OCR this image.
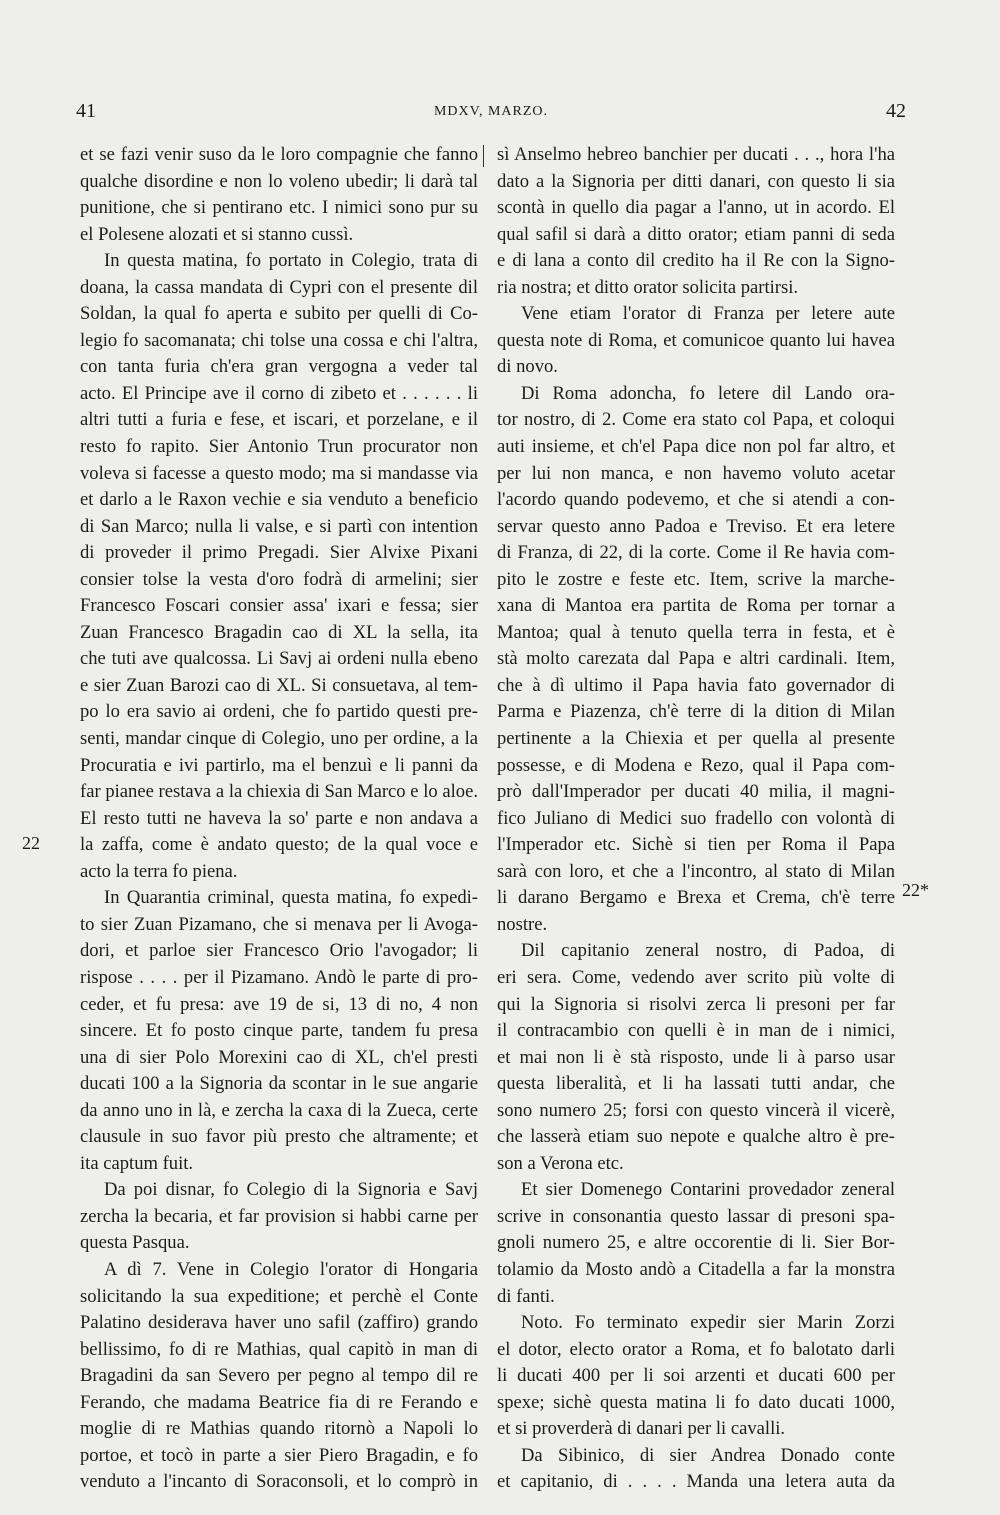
41	MDXV, MARZO.	42
22
22*
et se fazi venir suso da le loro compagnie che fanno
qualche disordine e non lo voleno ubedir; li darà tal
punitione, che si pentirano etc. I nimici sono pur su
el Polesene alozati et si stanno cussì.
In questa matina, fo portato in Colegio, trata di
doana, la cassa mandata di Cypri con el presente dil
Soldan, la qual fo aperta e subito per quelli di Co-
legio fo sacomanata; chi tolse una cossa e chi l'altra,
con tanta furia ch'era gran vergogna a veder tal
acto. El Principe ave il corno di zibeto et . . . . . . li
altri tutti a furia e fese, et iscari, et porzelane, e il
resto fo rapito. Sier Antonio Trun procurator non
voleva si facesse a questo modo; ma si mandasse via
et darlo a le Raxon vechie e sia venduto a beneficio
di San Marco; nulla li valse, e si partì con intention
di proveder il primo Pregadi. Sier Alvixe Pixani
consier tolse la vesta d'oro fodrà di armelini; sier
Francesco Foscari consier assa' ixari e fessa; sier
Zuan Francesco Bragadin cao di XL la sella, ita
che tuti ave qualcossa. Li Savj ai ordeni nulla ebeno
e sier Zuan Barozi cao di XL. Si consuetava, al tem-
po lo era savio ai ordeni, che fo partido questi pre-
senti, mandar cinque di Colegio, uno per ordine, a la
Procuratia e ivi partirlo, ma el benzuì e li panni da
far pianee restava a la chiexia di San Marco e lo aloe.
El resto tutti ne haveva la so' parte e non andava a
la zaffa, come è andato questo; de la qual voce e
acto la terra fo piena.
In Quarantia criminal, questa matina, fo expedi-
to sier Zuan Pizamano, che si menava per li Avoga-
dori, et parloe sier Francesco Orio l'avogador; li
rispose . . . . per il Pizamano. Andò le parte di pro-
ceder, et fu presa: ave 19 de si, 13 di no, 4 non
sincere. Et fo posto cinque parte, tandem fu presa
una di sier Polo Morexini cao di XL, ch'el presti
ducati 100 a la Signoria da scontar in le sue angarie
da anno uno in là, e zercha la caxa di la Zueca, certe
clausule in suo favor più presto che altramente; et
ita captum fuit.
Da poi disnar, fo Colegio di la Signoria e Savj
zercha la becaria, et far provision si habbi carne per
questa Pasqua.
A dì 7. Vene in Colegio l'orator di Hongaria
solicitando la sua expeditione; et perchè el Conte
Palatino desiderava haver uno safil (zaffiro) grando
bellissimo, fo di re Mathias, qual capitò in man di
Bragadini da san Severo per pegno al tempo dil re
Ferando, che madama Beatrice fia di re Ferando e
moglie di re Mathias quando ritornò a Napoli lo
portoe, et tocò in parte a sier Piero Bragadin, e fo
venduto a l'incanto di Soraconsoli, et lo comprò in
sì Anselmo hebreo banchier per ducati . . ., hora l'ha
dato a la Signoria per ditti danari, con questo li sia
scontà in quello dia pagar a l'anno, ut in acordo. El
qual safil si darà a ditto orator; etiam panni di seda
e di lana a conto dil credito ha il Re con la Signo-
ria nostra; et ditto orator solicita partirsi.
Vene etiam l'orator di Franza per letere aute
questa note di Roma, et comunicoe quanto lui havea
di novo.
Di Roma adoncha, fo letere dil Lando ora-
tor nostro, di 2. Come era stato col Papa, et coloqui
auti insieme, et ch'el Papa dice non pol far altro, et
per lui non manca, e non havemo voluto acetar
l'acordo quando podevemo, et che si atendi a con-
servar questo anno Padoa e Treviso. Et era letere
di Franza, di 22, di la corte. Come il Re havia com-
pito le zostre e feste etc. Item, scrive la marche-
xana di Mantoa era partita de Roma per tornar a
Mantoa; qual à tenuto quella terra in festa, et è
stà molto carezata dal Papa e altri cardinali. Item,
che à dì ultimo il Papa havia fato governador di
Parma e Piazenza, ch'è terre di la dition di Milan
pertinente a la Chiexia et per quella al presente
possesse, e di Modena e Rezo, qual il Papa com-
prò dall'Imperador per ducati 40 milia, il magni-
fico Juliano di Medici suo fradello con volontà di
l'Imperador etc. Sichè si tien per Roma il Papa
sarà con loro, et che a l'incontro, al stato di Milan
li darano Bergamo e Brexa et Crema, ch'è terre
nostre.
Dil capitanio zeneral nostro, di Padoa, di
eri sera. Come, vedendo aver scrito più volte di
qui la Signoria si risolvi zerca li presoni per far
il contracambio con quelli è in man de i nimici,
et mai non li è stà risposto, unde li à parso usar
questa liberalità, et li ha lassati tutti andar, che
sono numero 25; forsi con questo vincerà il vicerè,
che lasserà etiam suo nepote e qualche altro è pre-
son a Verona etc.
Et sier Domenego Contarini provedador zeneral
scrive in consonantia questo lassar di presoni spa-
gnoli numero 25, e altre occorentie di li. Sier Bor-
tolamio da Mosto andò a Citadella a far la monstra
di fanti.
Noto. Fo terminato expedir sier Marin Zorzi
el dotor, electo orator a Roma, et fo balotato darli
li ducati 400 per li soi arzenti et ducati 600 per
spexe; sichè questa matina li fo dato ducati 1000,
et si proverderà di danari per li cavalli.
Da Sibinico, di sier Andrea Donado conte
et capitanio, di . . . . Manda una letera auta da
